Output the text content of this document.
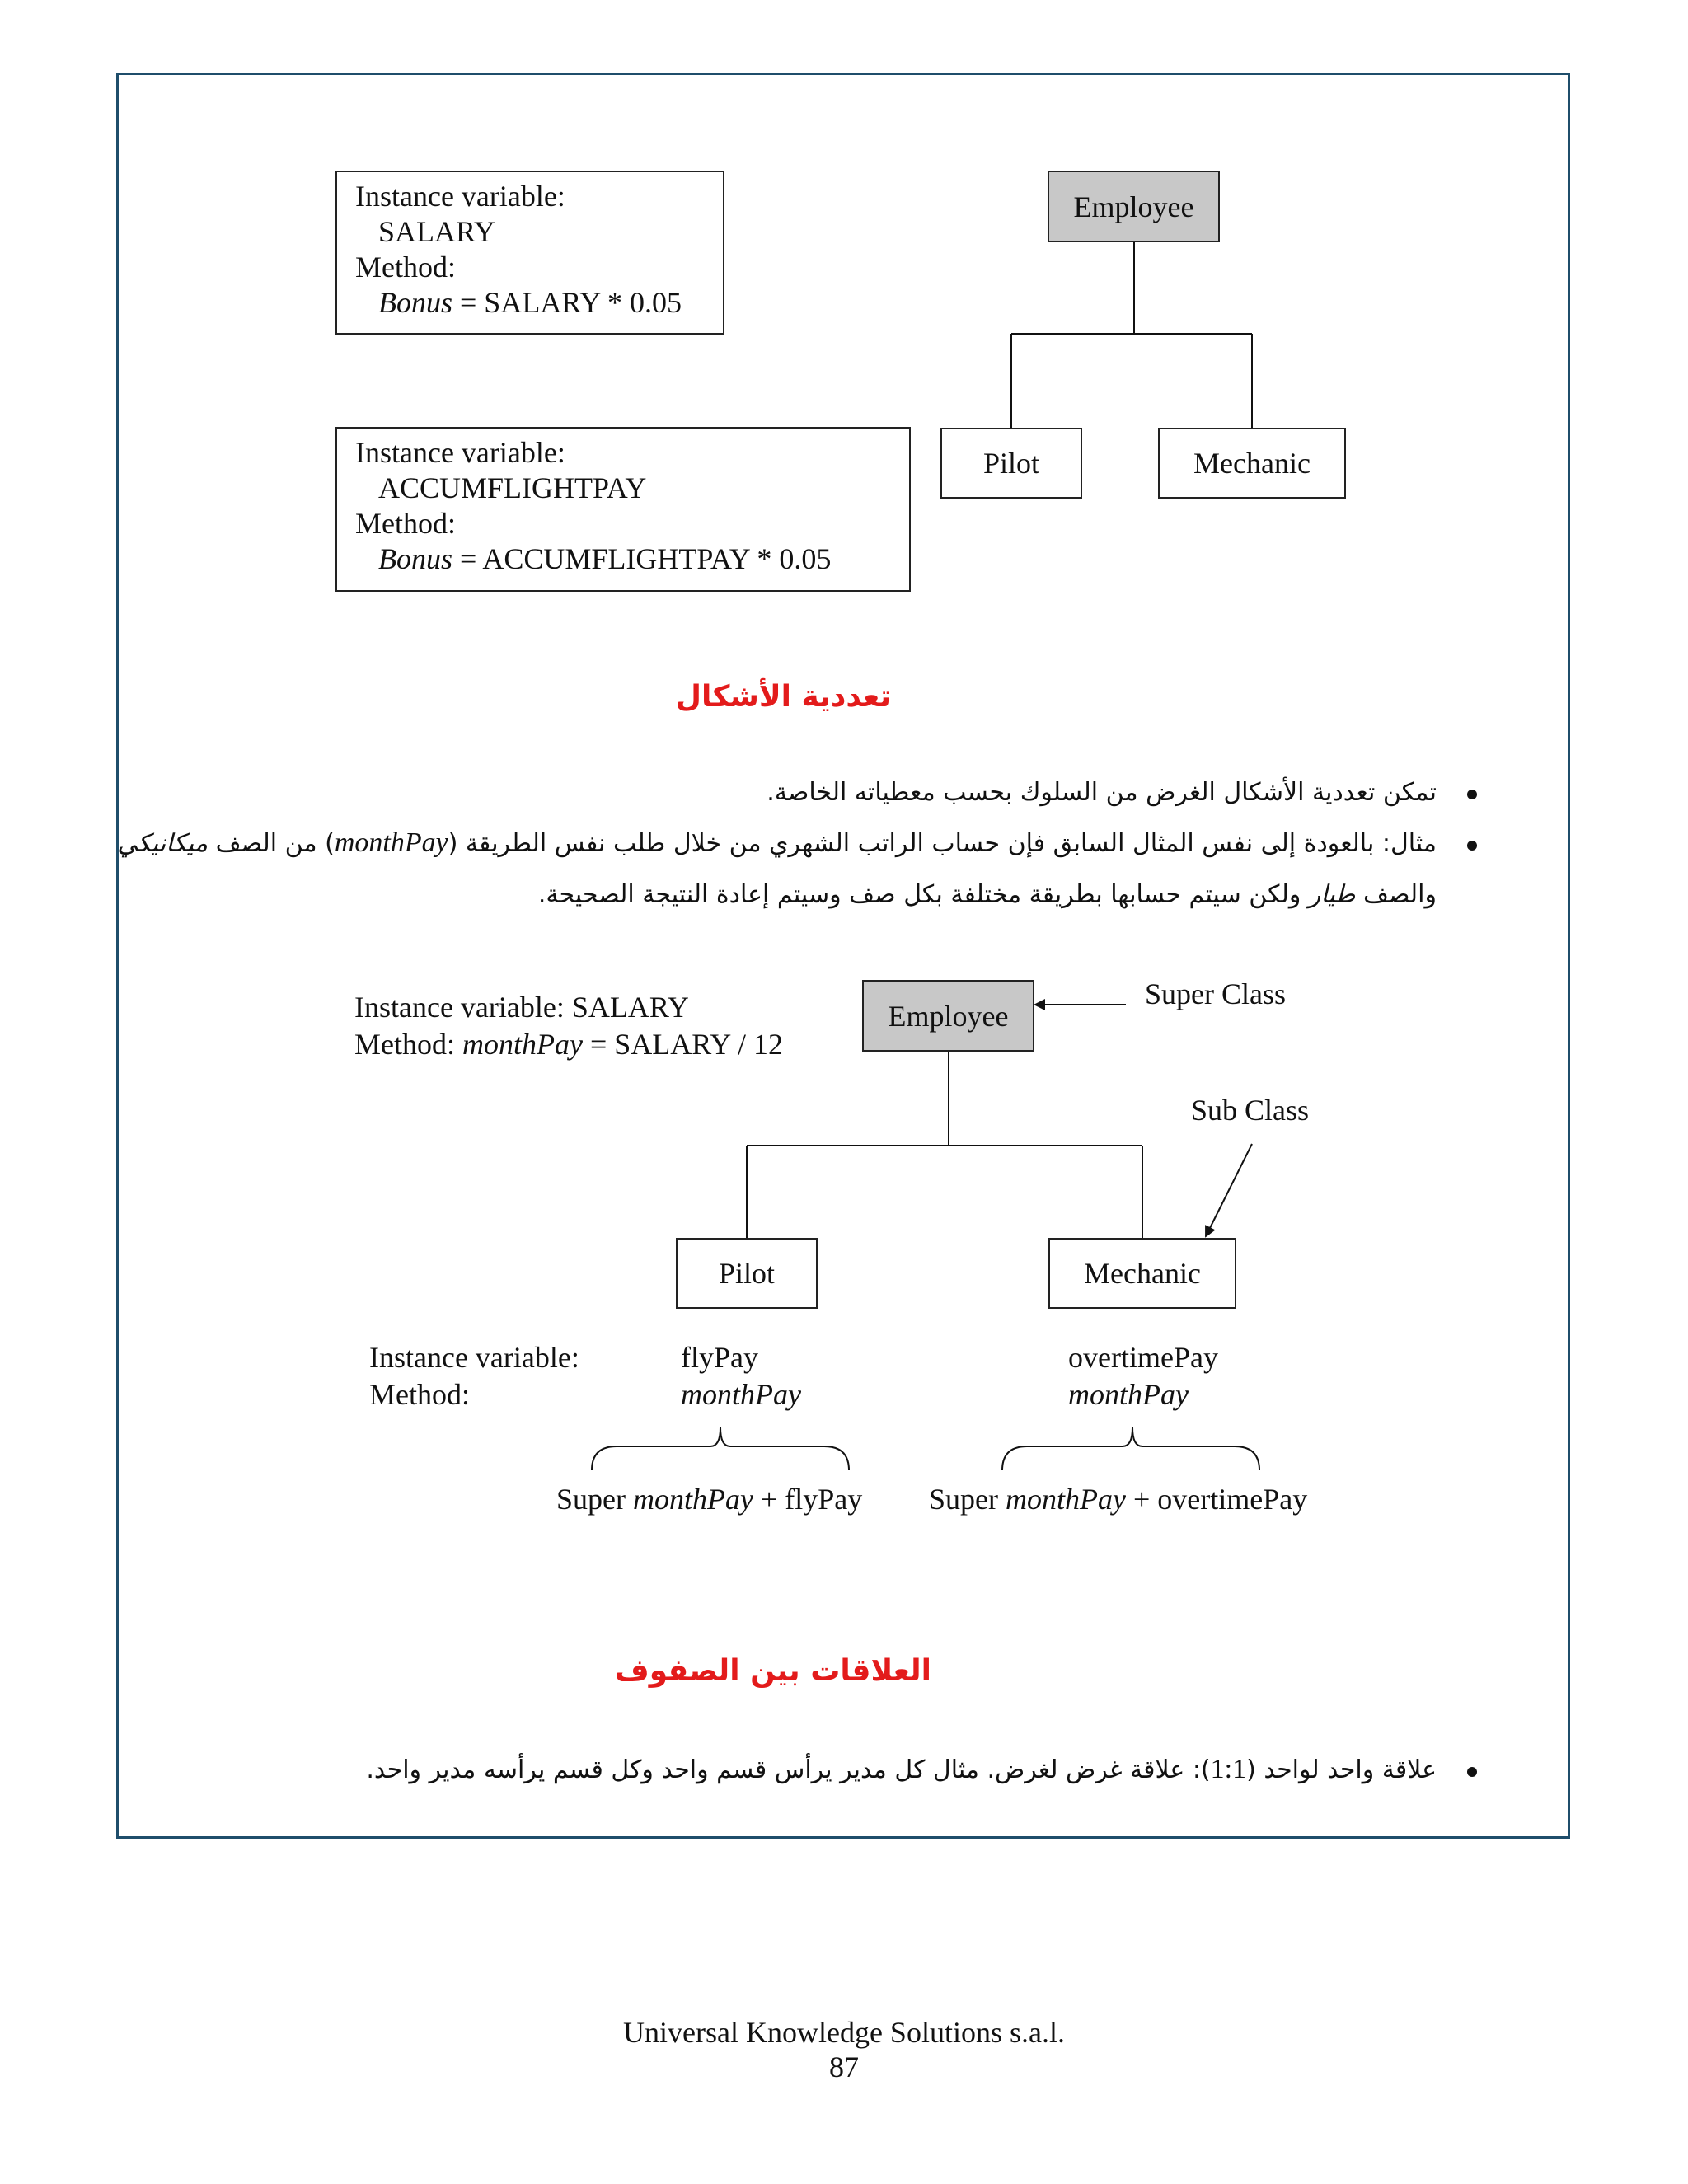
Instance variable:
SALARY
Method:
Bonus = SALARY * 0.05
Instance variable:
ACCUMFLIGHTPAY
Method:
Bonus = ACCUMFLIGHTPAY * 0.05
Employee
Pilot	Mechanic
تعددية الأشكال
تمكن تعددية الأشكال الغرض من السلوك بحسب معطياته الخاصة.
مثال: بالعودة إلى نفس المثال السابق فإن حساب الراتب الشهري من خلال طلب نفس الطريقة (monthPay) من الصف ميكانيكي
والصف طيار ولكن سيتم حسابها بطريقة مختلفة بكل صف وسيتم إعادة النتيجة الصحيحة.
Instance variable: SALARY
Method: monthPay = SALARY / 12
Employee
Super Class
Sub Class
Pilot	Mechanic
Instance variable:
Method:
flyPay
monthPay
overtimePay
monthPay
Super monthPay + flyPay Super monthPay + overtimePay
العلاقات بين الصفوف
علاقة واحد لواحد (1:1): علاقة غرض لغرض. مثال كل مدير يرأس قسم واحد وكل قسم يرأسه مدير واحد.
Universal Knowledge Solutions s.a.l.
87
